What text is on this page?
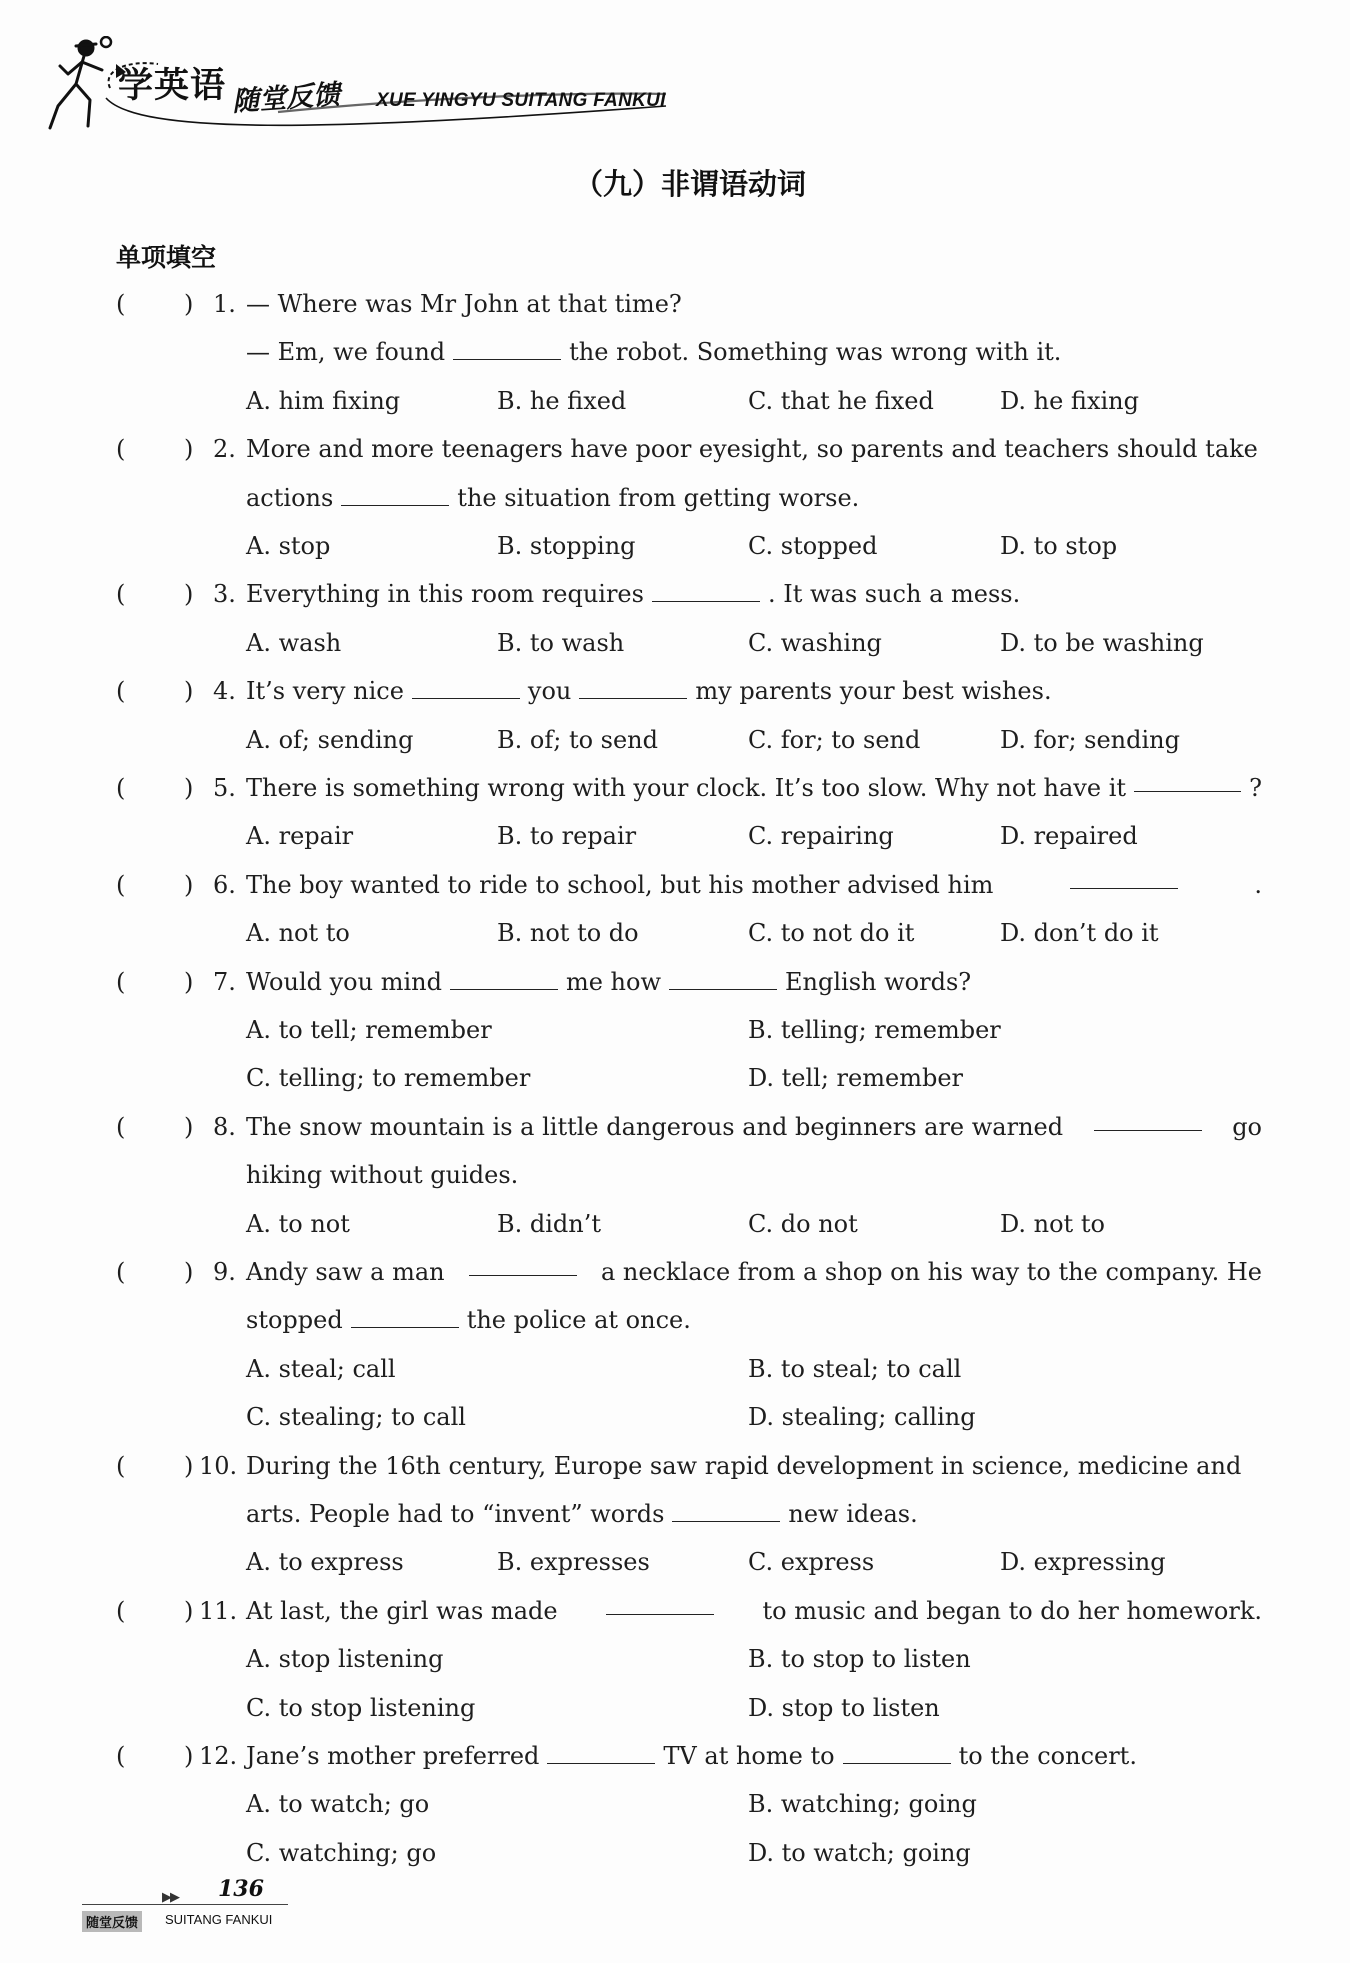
学英语 随堂反馈 XUE YINGYU SUITANG FANKUI
（九）非谓语动词
单项填空
( ) 1. — Where was Mr John at that time?
— Em, we found	the robot. Something was wrong with it.
A. him fixing	B. he fixed	C. that he fixed	D. he fixing
( ) 2. More and more teenagers have poor eyesight, so parents and teachers should take
actions	the situation from getting worse.
A. stop	B. stopping	C. stopped	D. to stop
( ) 3. Everything in this room requires	. It was such a mess.
A. wash	B. to wash	C. washing	D. to be washing
( ) 4. It’s very nice	you	my parents your best wishes.
A. of; sending	B. of; to send	C. for; to send	D. for; sending
( ) 5. There is something wrong with your clock. It’s too slow. Why not have it	?
A. repair	B. to repair	C. repairing	D. repaired
( ) 6. The boy wanted to ride to school, but his mother advised him	.
A. not to	B. not to do	C. to not do it	D. don’t do it
( ) 7. Would you mind	me how	English words?
A. to tell; remember	B. telling; remember
C. telling; to remember	D. tell; remember
( ) 8. The snow mountain is a little dangerous and beginners are warned	go
hiking without guides.
A. to not	B. didn’t	C. do not	D. not to
( ) 9. Andy saw a man	a necklace from a shop on his way to the company. He
stopped	the police at once.
A. steal; call	B. to steal; to call
C. stealing; to call	D. stealing; calling
( ) 10. During the 16th century, Europe saw rapid development in science, medicine and
arts. People had to “invent” words	new ideas.
A. to express	B. expresses	C. express	D. expressing
( ) 11. At last, the girl was made	to music and began to do her homework.
A. stop listening	B. to stop to listen
C. to stop listening	D. stop to listen
( ) 12. Jane’s mother preferred	TV at home to	to the concert.
A. to watch; go	B. watching; going
C. watching; go	D. to watch; going
▶▶ 136
随堂反馈	SUITANG FANKUI
